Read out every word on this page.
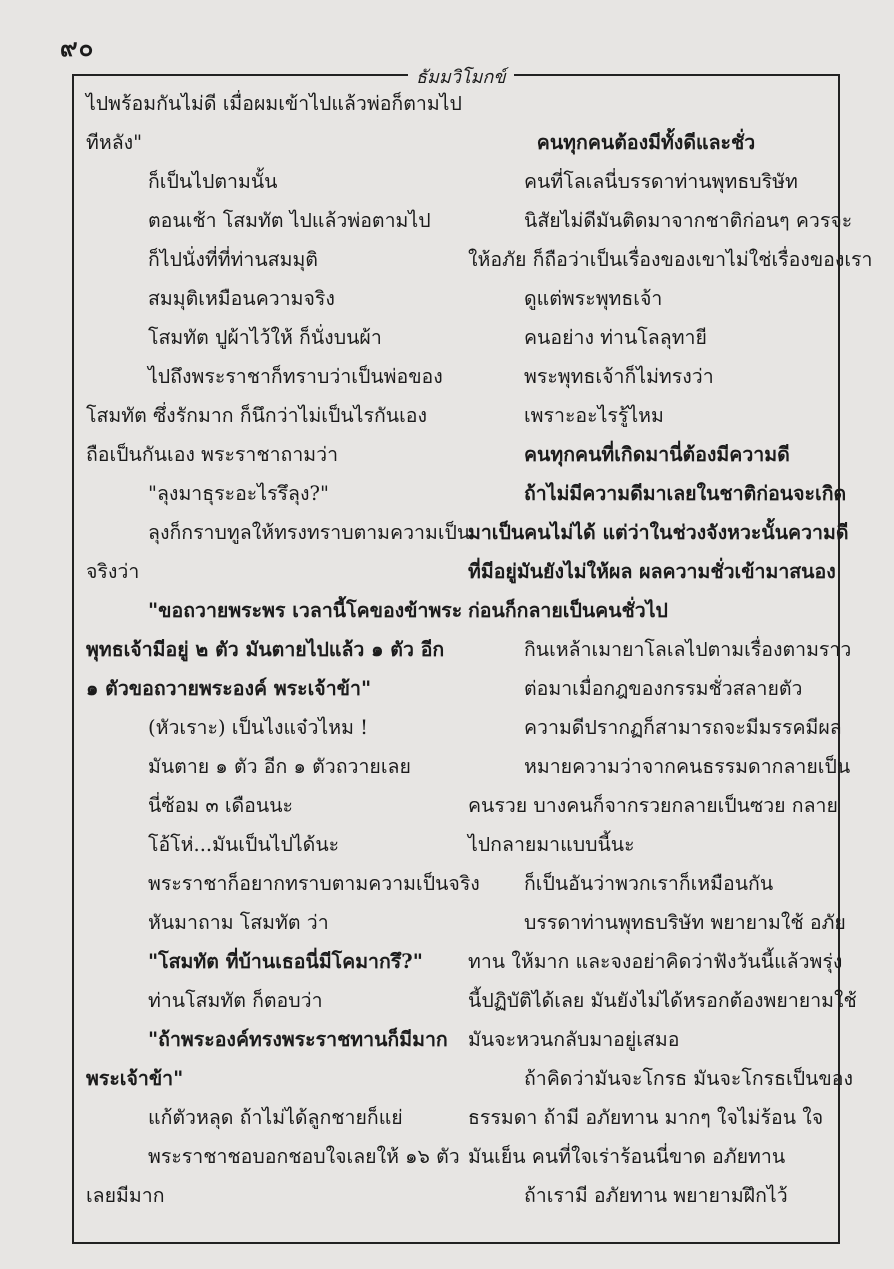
๙๐
ธัมมวิโมกข์
ไปพร้อมกันไม่ดี เมื่อผมเข้าไปแล้วพ่อก็ตามไป
ทีหลัง"
ก็เป็นไปตามนั้น
ตอนเช้า โสมทัต ไปแล้วพ่อตามไป
ก็ไปนั่งที่ที่ท่านสมมุติ
สมมุติเหมือนความจริง
โสมทัต ปูผ้าไว้ให้ ก็นั่งบนผ้า
ไปถึงพระราชาก็ทราบว่าเป็นพ่อของ
โสมทัต ซึ่งรักมาก ก็นึกว่าไม่เป็นไรกันเอง
ถือเป็นกันเอง พระราชาถามว่า
"ลุงมาธุระอะไรรึลุง?"
ลุงก็กราบทูลให้ทรงทราบตามความเป็น
จริงว่า
"ขอถวายพระพร เวลานี้โคของข้าพระ
พุทธเจ้ามีอยู่ ๒ ตัว มันตายไปแล้ว ๑ ตัว อีก
๑ ตัวขอถวายพระองค์ พระเจ้าข้า"
(หัวเราะ) เป็นไงแจ๋วไหม !
มันตาย ๑ ตัว อีก ๑ ตัวถวายเลย
นี่ซ้อม ๓ เดือนนะ
โอ้โห่...มันเป็นไปได้นะ
พระราชาก็อยากทราบตามความเป็นจริง
หันมาถาม โสมทัต ว่า
"โสมทัต ที่บ้านเธอนี่มีโคมากรึ?"
ท่านโสมทัต ก็ตอบว่า
"ถ้าพระองค์ทรงพระราชทานก็มีมาก
พระเจ้าข้า"
แก้ตัวหลุด ถ้าไม่ได้ลูกชายก็แย่
พระราชาชอบอกชอบใจเลยให้ ๑๖ ตัว
เลยมีมาก
คนทุกคนต้องมีทั้งดีและชั่ว
คนที่โลเลนี่บรรดาท่านพุทธบริษัท
นิสัยไม่ดีมันติดมาจากชาติก่อนๆ ควรจะ
ให้อภัย ก็ถือว่าเป็นเรื่องของเขาไม่ใช่เรื่องของเรา
ดูแต่พระพุทธเจ้า
คนอย่าง ท่านโลลุทายี
พระพุทธเจ้าก็ไม่ทรงว่า
เพราะอะไรรู้ไหม
คนทุกคนที่เกิดมานี่ต้องมีความดี
ถ้าไม่มีความดีมาเลยในชาติก่อนจะเกิด
มาเป็นคนไม่ได้ แต่ว่าในช่วงจังหวะนั้นความดี
ที่มีอยู่มันยังไม่ให้ผล ผลความชั่วเข้ามาสนอง
ก่อนก็กลายเป็นคนชั่วไป
กินเหล้าเมายาโลเลไปตามเรื่องตามราว
ต่อมาเมื่อกฎของกรรมชั่วสลายตัว
ความดีปรากฏก็สามารถจะมีมรรคมีผล
หมายความว่าจากคนธรรมดากลายเป็น
คนรวย บางคนก็จากรวยกลายเป็นซวย กลาย
ไปกลายมาแบบนี้นะ
ก็เป็นอันว่าพวกเราก็เหมือนกัน
บรรดาท่านพุทธบริษัท พยายามใช้ อภัย
ทาน ให้มาก และจงอย่าคิดว่าฟังวันนี้แล้วพรุ่ง
นี้ปฏิบัติได้เลย มันยังไม่ได้หรอกต้องพยายามใช้
มันจะหวนกลับมาอยู่เสมอ
ถ้าคิดว่ามันจะโกรธ มันจะโกรธเป็นของ
ธรรมดา ถ้ามี อภัยทาน มากๆ ใจไม่ร้อน ใจ
มันเย็น คนที่ใจเร่าร้อนนี่ขาด อภัยทาน
ถ้าเรามี อภัยทาน พยายามฝึกไว้
